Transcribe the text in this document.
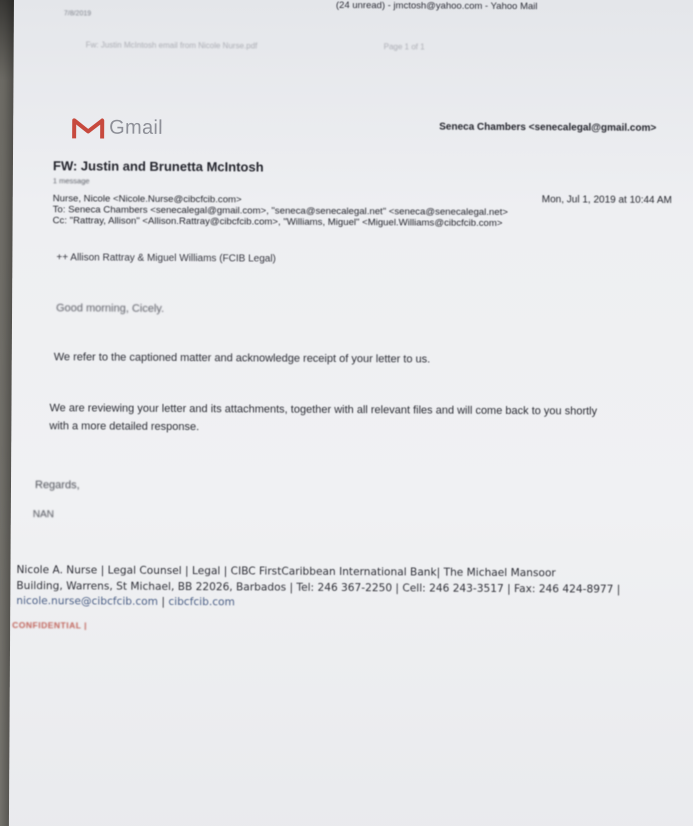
(24 unread) - jmctosh@yahoo.com - Yahoo Mail
7/8/2019
Fw: Justin McIntosh email from Nicole Nurse.pdf	Page 1 of 1
Gmail	Seneca Chambers <senecalegal@gmail.com>
FW: Justin and Brunetta McIntosh
1 message
Nurse, Nicole <Nicole.Nurse@cibcfcib.com>	Mon, Jul 1, 2019 at 10:44 AM
To: Seneca Chambers <senecalegal@gmail.com>, "seneca@senecalegal.net" <seneca@senecalegal.net>
Cc: "Rattray, Allison" <Allison.Rattray@cibcfcib.com>, "Williams, Miguel" <Miguel.Williams@cibcfcib.com>
++ Allison Rattray & Miguel Williams (FCIB Legal)
Good morning, Cicely.
We refer to the captioned matter and acknowledge receipt of your letter to us.
We are reviewing your letter and its attachments, together with all relevant files and will come back to you shortly
with a more detailed response.
Regards,
NAN
Nicole A. Nurse | Legal Counsel | Legal | CIBC FirstCaribbean International Bank| The Michael Mansoor
Building, Warrens, St Michael, BB 22026, Barbados | Tel: 246 367-2250 | Cell: 246 243-3517 | Fax: 246 424-8977 |
nicole.nurse@cibcfcib.com | cibcfcib.com
CONFIDENTIAL |
